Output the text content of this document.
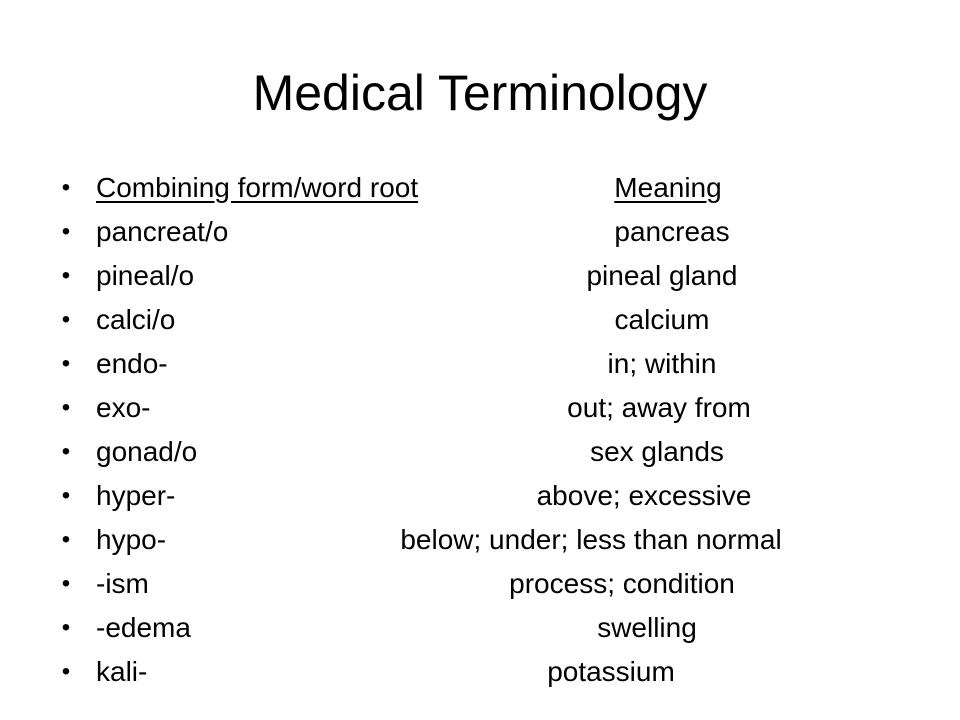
Medical Terminology
• Combining form/word root	Meaning
• pancreat/o	pancreas
• pineal/o	pineal gland
• calci/o	calcium
• endo-	in; within
• exo-	out; away from
• gonad/o	sex glands
• hyper-	above; excessive
• hypo-	below; under; less than normal
• -ism	process; condition
• -edema	swelling
• kali-	potassium
